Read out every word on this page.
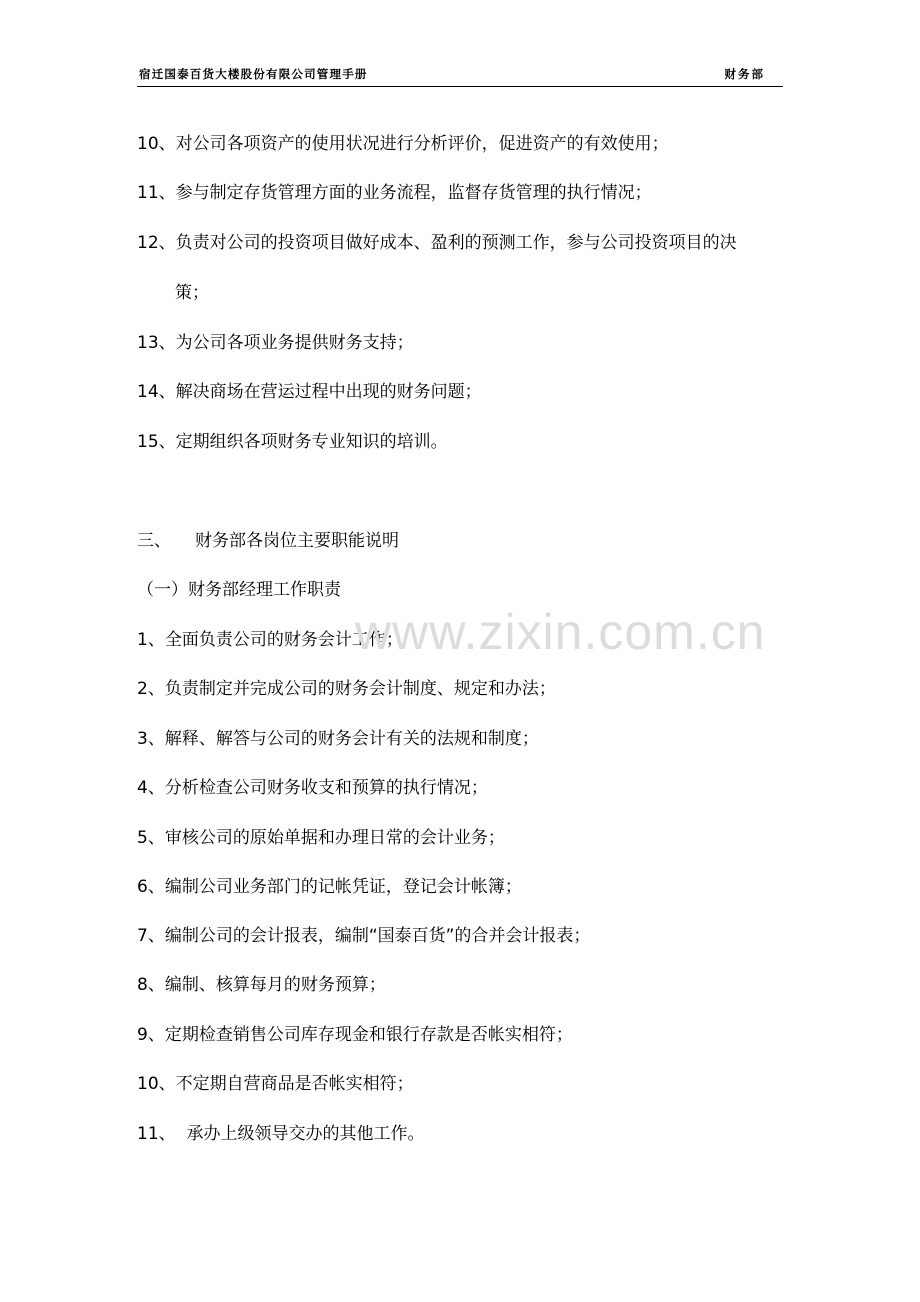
宿迁国泰百货大楼股份有限公司管理手册	财务部
10、对公司各项资产的使用状况进行分析评价，促进资产的有效使用；
11、参与制定存货管理方面的业务流程，监督存货管理的执行情况；
12、负责对公司的投资项目做好成本、盈利的预测工作，参与公司投资项目的决
策；
13、为公司各项业务提供财务支持；
14、解决商场在营运过程中出现的财务问题；
15、定期组织各项财务专业知识的培训。
三、 财务部各岗位主要职能说明
（一）财务部经理工作职责
1、全面负责公司的财务会计工作；
2、负责制定并完成公司的财务会计制度、规定和办法；
3、解释、解答与公司的财务会计有关的法规和制度；
4、分析检查公司财务收支和预算的执行情况；
5、审核公司的原始单据和办理日常的会计业务；
6、编制公司业务部门的记帐凭证，登记会计帐簿；
7、编制公司的会计报表，编制“国泰百货”的合并会计报表；
8、编制、核算每月的财务预算；
9、定期检查销售公司库存现金和银行存款是否帐实相符；
10、不定期自营商品是否帐实相符；
11、  承办上级领导交办的其他工作。
www.zixin.com.cn
